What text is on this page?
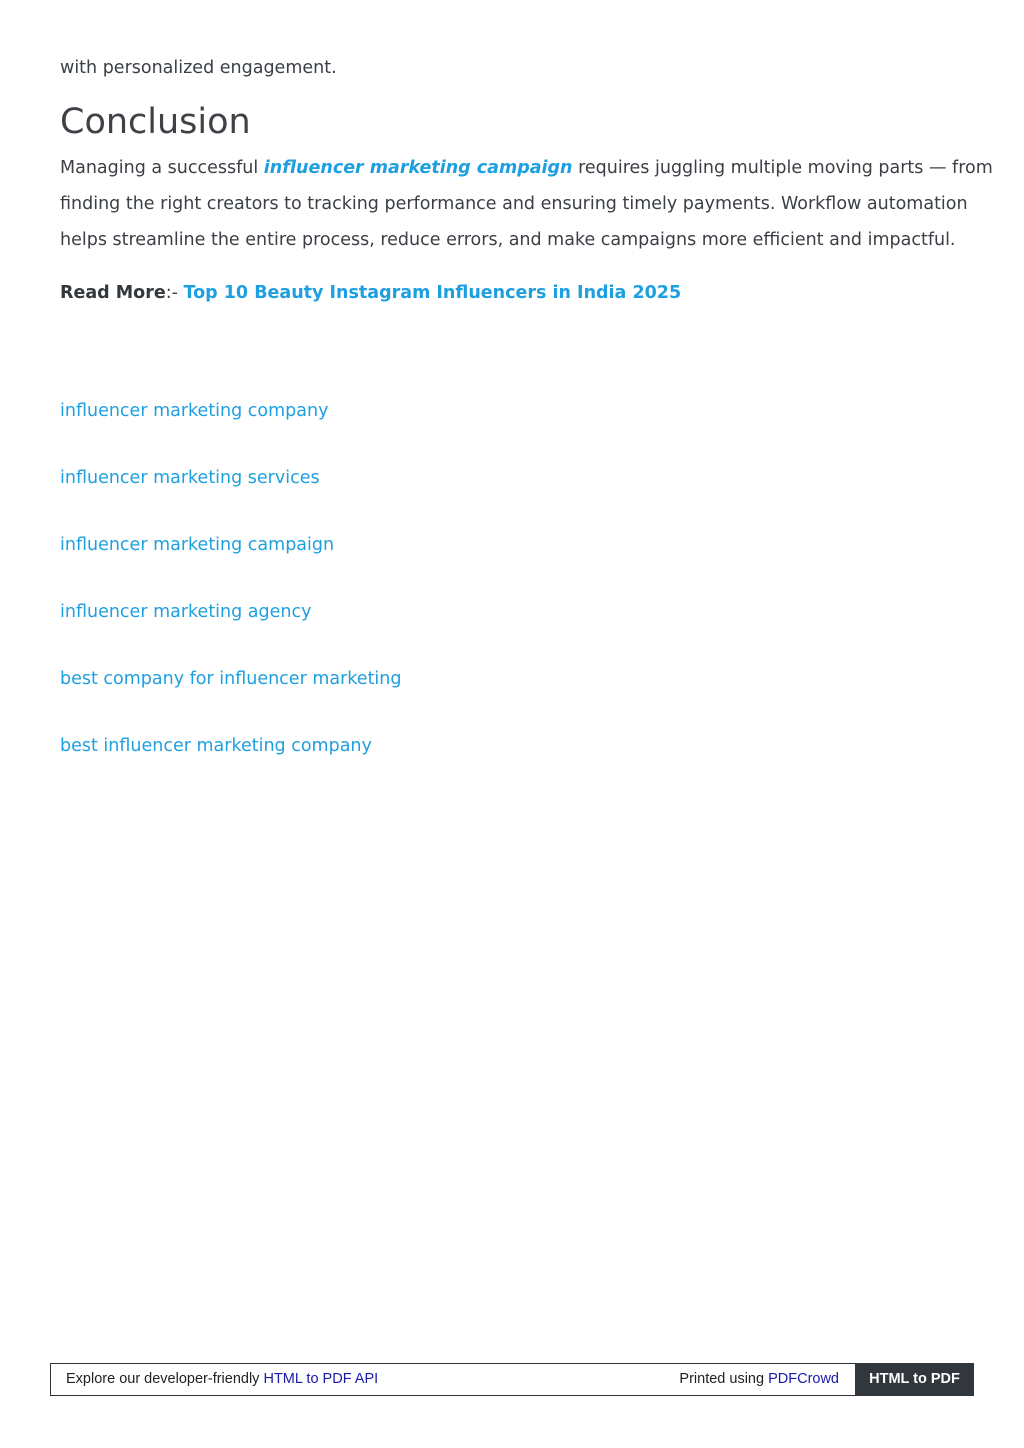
with personalized engagement.
Conclusion

Managing a successful influencer marketing campaign requires juggling multiple moving parts — from
finding the right creators to tracking performance and ensuring timely payments. Workflow automation
helps streamline the entire process, reduce errors, and make campaigns more efficient and impactful.

Read More:- Top 10 Beauty Instagram Influencers in India 2025
influencer marketing company
influencer marketing services
influencer marketing campaign
influencer marketing agency
best company for influencer marketing
best influencer marketing company
Explore our developer-friendly HTML to PDF API	Printed using PDFCrowd	HTML to PDF
